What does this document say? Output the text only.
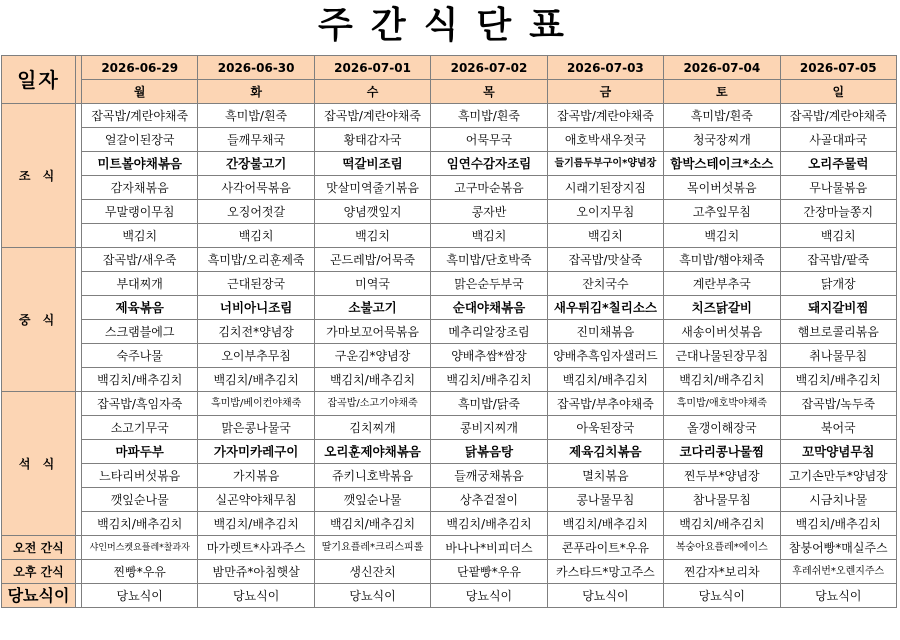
주간식단표
일자		2026-06-29	2026-06-30	2026-07-01	2026-07-02	2026-07-03	2026-07-04	2026-07-05
		월	화	수	목	금	토	일
조 식		잡곡밥/계란야채죽	흑미밥/흰죽	잡곡밥/계란야채죽	흑미밥/흰죽	잡곡밥/계란야채죽	흑미밥/흰죽	잡곡밥/계란야채죽
		얼갈이된장국	들깨무채국	황태감자국	어묵무국	애호박새우젓국	청국장찌개	사골대파국
		미트볼야채볶음	간장불고기	떡갈비조림	임연수감자조림	들기름두부구이*양념장	함박스테이크*소스	오리주물럭
		감자채볶음	사각어묵볶음	맛살미역줄기볶음	고구마순볶음	시래기된장지짐	목이버섯볶음	무나물볶음
		무말랭이무침	오징어젓갈	양념깻잎지	콩자반	오이지무침	고추잎무침	간장마늘쫑지
		백김치	백김치	백김치	백김치	백김치	백김치	백김치
중 식		잡곡밥/새우죽	흑미밥/오리훈제죽	곤드레밥/어묵죽	흑미밥/단호박죽	잡곡밥/맛살죽	흑미밥/햄야채죽	잡곡밥/팥죽
		부대찌개	근대된장국	미역국	맑은순두부국	잔치국수	계란부추국	닭개장
		제육볶음	너비아니조림	소불고기	순대야채볶음	새우튀김*칠리소스	치즈닭갈비	돼지갈비찜
		스크램블에그	김치전*양념장	가마보꼬어묵볶음	메추리알장조림	진미채볶음	새송이버섯볶음	햄브로콜리볶음
		숙주나물	오이부추무침	구운김*양념장	양배추쌈*쌈장	양배추흑임자샐러드	근대나물된장무침	취나물무침
		백김치/배추김치	백김치/배추김치	백김치/배추김치	백김치/배추김치	백김치/배추김치	백김치/배추김치	백김치/배추김치
석 식		잡곡밥/흑임자죽	흑미밥/베이컨야채죽	잡곡밥/소고기야채죽	흑미밥/닭죽	잡곡밥/부추야채죽	흑미밥/애호박야채죽	잡곡밥/녹두죽
		소고기무국	맑은콩나물국	김치찌개	콩비지찌개	아욱된장국	올갱이해장국	북어국
		마파두부	가자미카레구이	오리훈제야채볶음	닭볶음탕	제육김치볶음	코다리콩나물찜	꼬막양념무침
		느타리버섯볶음	가지볶음	쥬키니호박볶음	들깨궁채볶음	멸치볶음	찐두부*양념장	고기손만두*양념장
		깻잎순나물	실곤약야채무침	깻잎순나물	상추겉절이	콩나물무침	참나물무침	시금치나물
		백김치/배추김치	백김치/배추김치	백김치/배추김치	백김치/배추김치	백김치/배추김치	백김치/배추김치	백김치/배추김치
오전 간식		샤인머스켓요플레*찰과자	마가렛트*사과주스	딸기요플레*크리스피롤	바나나*비피더스	콘푸라이트*우유	복숭아요플레*에이스	참붕어빵*매실주스
오후 간식		찐빵*우유	밤만쥬*아침햇살	생신잔치	단팥빵*우유	카스타드*망고주스	찐감자*보리차	후레쉬번*오렌지주스
당뇨식이		당뇨식이	당뇨식이	당뇨식이	당뇨식이	당뇨식이	당뇨식이	당뇨식이
